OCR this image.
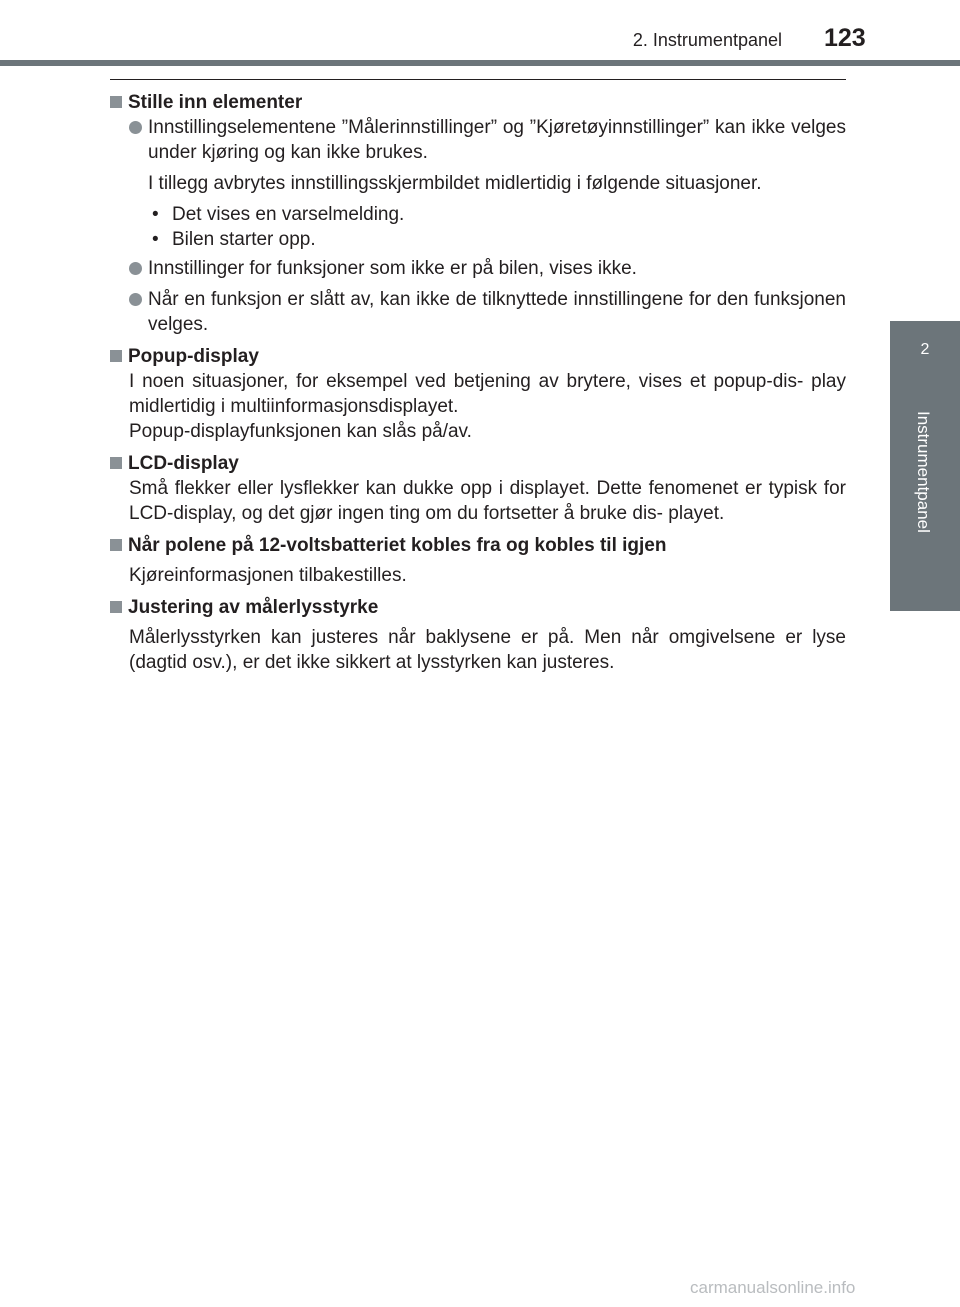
2. Instrumentpanel 123
2
Instrumentpanel
Stille inn elementer
Innstillingselementene ”Målerinnstillinger” og ”Kjøretøyinnstillinger” kan ikke velges under kjøring og kan ikke brukes.
I tillegg avbrytes innstillingsskjermbildet midlertidig i følgende situasjoner.
• Det vises en varselmelding.
• Bilen starter opp.
Innstillinger for funksjoner som ikke er på bilen, vises ikke.
Når en funksjon er slått av, kan ikke de tilknyttede innstillingene for den funksjonen velges.
Popup-display
I noen situasjoner, for eksempel ved betjening av brytere, vises et popup-dis- play midlertidig i multiinformasjonsdisplayet.
Popup-displayfunksjonen kan slås på/av.
LCD-display
Små flekker eller lysflekker kan dukke opp i displayet. Dette fenomenet er typisk for LCD-display, og det gjør ingen ting om du fortsetter å bruke dis- playet.
Når polene på 12-voltsbatteriet kobles fra og kobles til igjen
Kjøreinformasjonen tilbakestilles.
Justering av målerlysstyrke
Målerlysstyrken kan justeres når baklysene er på. Men når omgivelsene er lyse (dagtid osv.), er det ikke sikkert at lysstyrken kan justeres.
carmanualsonline.info
